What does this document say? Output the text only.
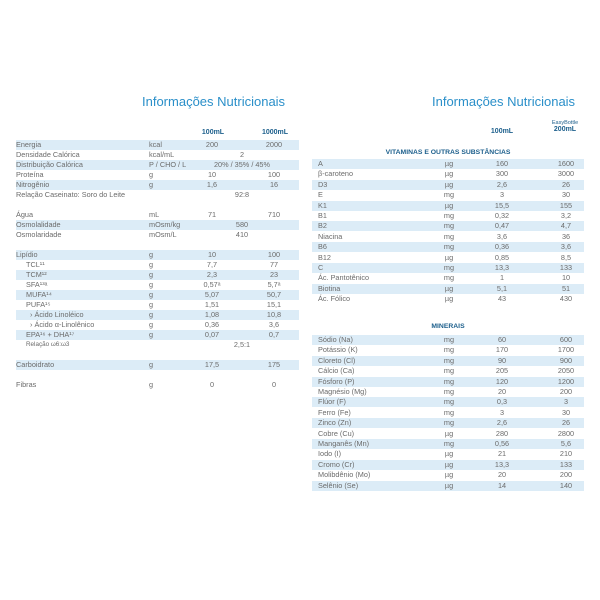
Informações Nutricionais
100mL	1000mL
Energia	kcal	200	2000
Densidade Calórica	kcal/mL	2
Distribuição Calórica	P / CHO / L	20% / 35% / 45%
Proteína	g	10	100
Nitrogênio	g	1,6	16
Relação Caseinato: Soro do Leite	92:8
Água	mL	71	710
Osmolalidade	mOsm/kg	580
Osmolaridade	mOsm/L	410
Lipídio	g	10	100
TCL¹¹	g	7,7	77
TCM¹²	g	2,3	23
SFA¹³ᵃ	g	0,57ᵃ	5,7ᵃ
MUFA¹⁴	g	5,07	50,7
PUFA¹⁵	g	1,51	15,1
› Ácido Linoléico	g	1,08	10,8
› Ácido α-Linolênico	g	0,36	3,6
EPA¹⁶ + DHA¹⁷	g	0,07	0,7
Relação ω6:ω3	2,5:1
Carboidrato	g	17,5	175
Fibras	g	0	0
Informações Nutricionais
100mL
EasyBottle
200mL
VITAMINAS E OUTRAS SUBSTÂNCIAS
A	µg	160	1600
β-caroteno	µg	300	3000
D3	µg	2,6	26
E	mg	3	30
K1	µg	15,5	155
B1	mg	0,32	3,2
B2	mg	0,47	4,7
Niacina	mg	3,6	36
B6	mg	0,36	3,6
B12	µg	0,85	8,5
C	mg	13,3	133
Ác. Pantotênico	mg	1	10
Biotina	µg	5,1	51
Ác. Fólico	µg	43	430
MINERAIS
Sódio (Na)	mg	60	600
Potássio (K)	mg	170	1700
Cloreto (Cl)	mg	90	900
Cálcio (Ca)	mg	205	2050
Fósforo (P)	mg	120	1200
Magnésio (Mg)	mg	20	200
Flúor (F)	mg	0,3	3
Ferro (Fe)	mg	3	30
Zinco (Zn)	mg	2,6	26
Cobre (Cu)	µg	280	2800
Manganês (Mn)	mg	0,56	5,6
Iodo (I)	µg	21	210
Cromo (Cr)	µg	13,3	133
Molibdênio (Mo)	µg	20	200
Selênio (Se)	µg	14	140
